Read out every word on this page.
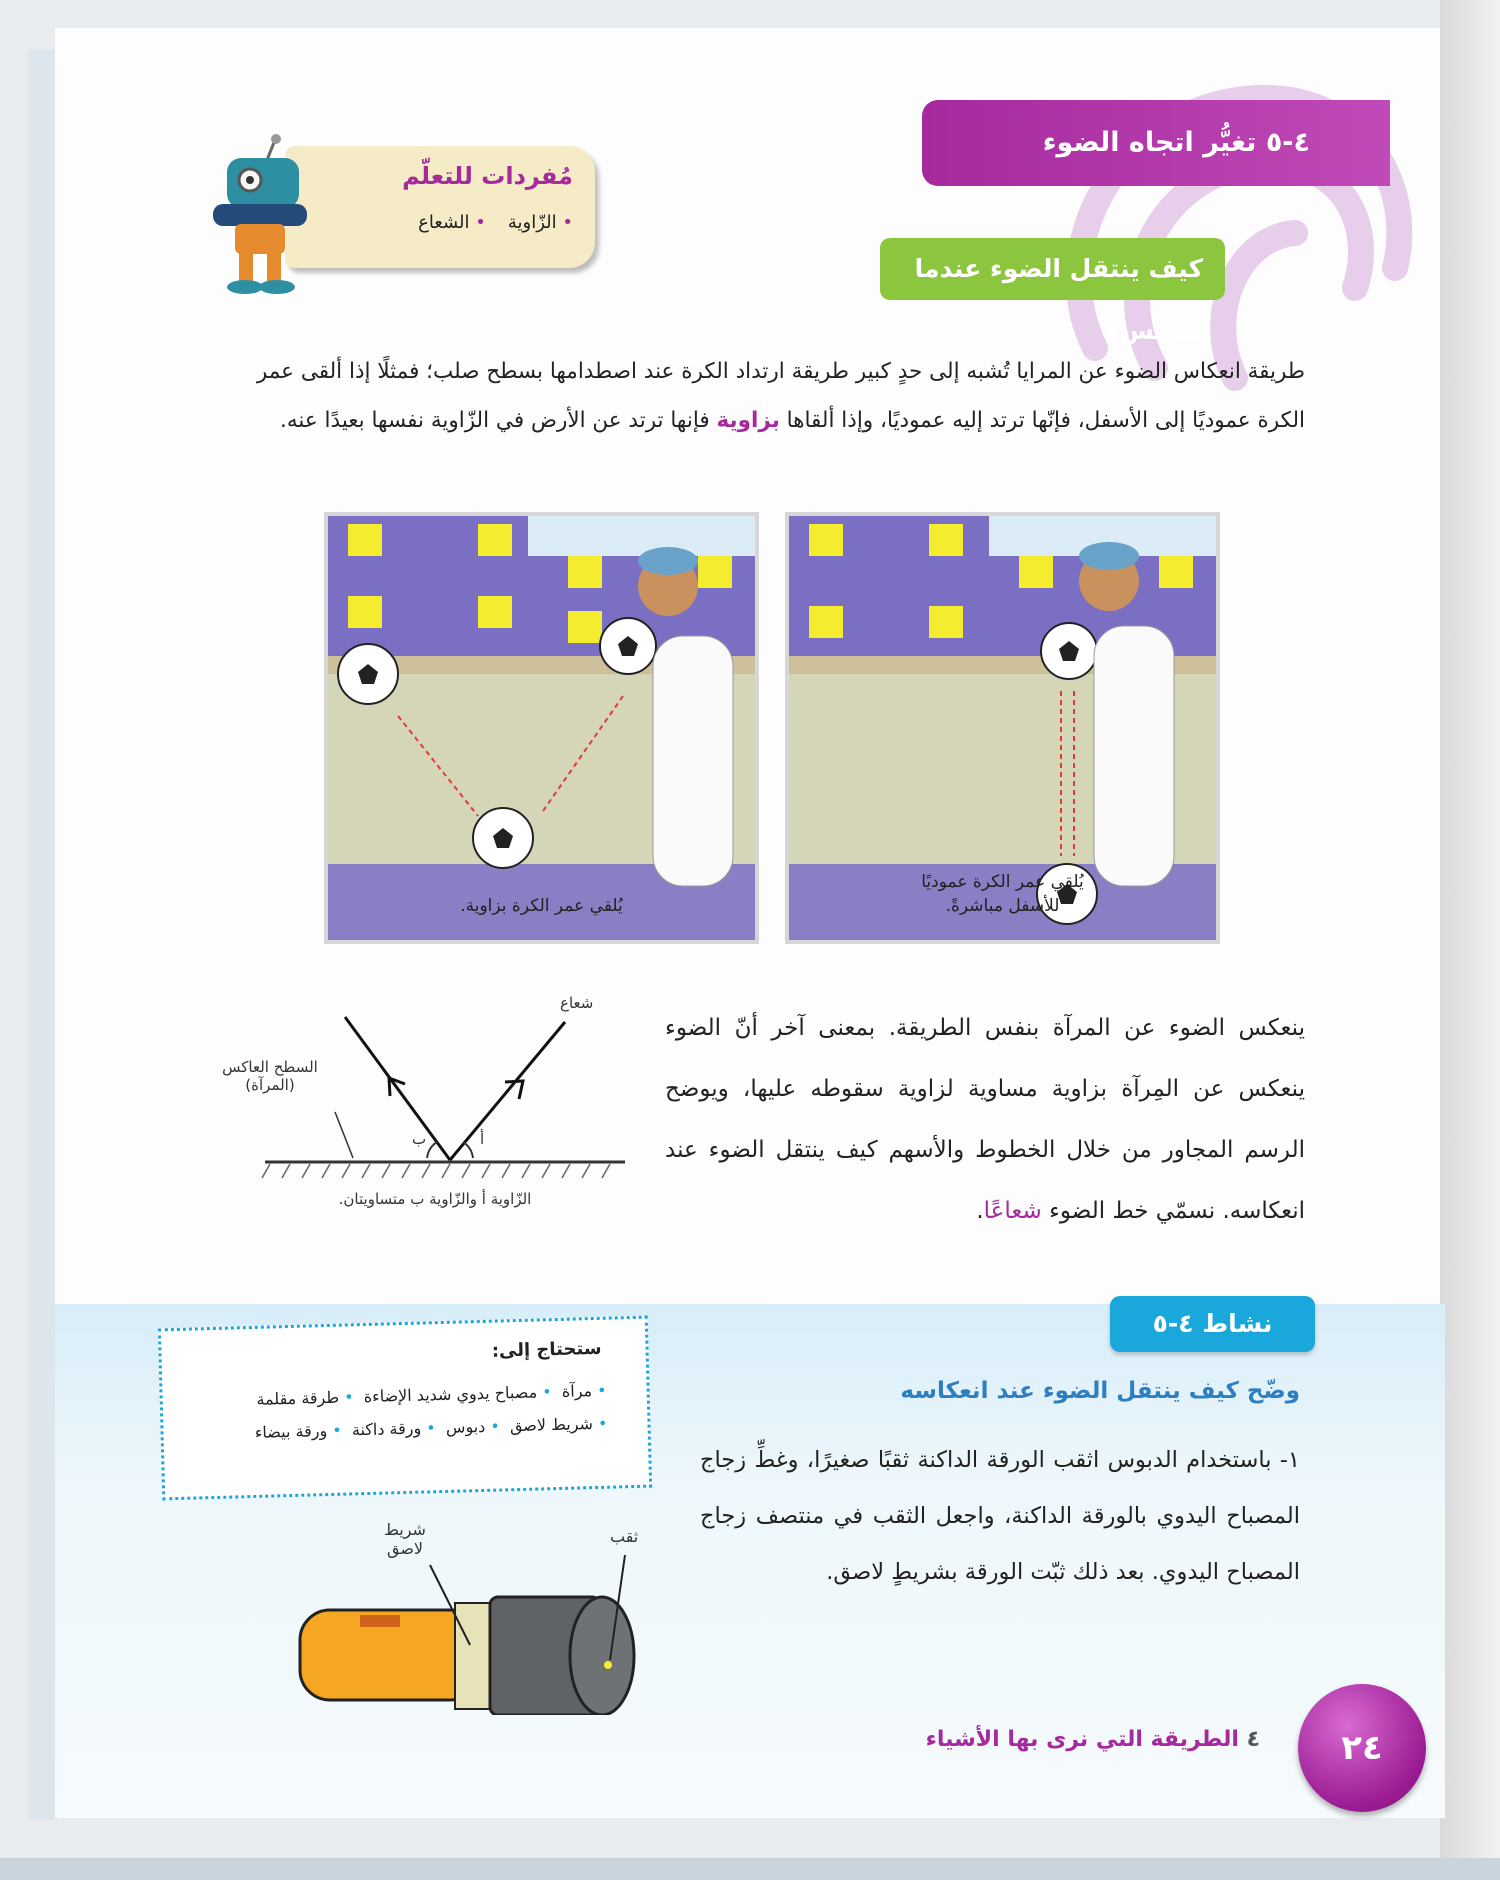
٤-٥ تغيُّر اتجاه الضوء
كيف ينتقل الضوء عندما ينعكس؟
مُفردات للتعلّم
• الزّاوية
• الشعاع
طريقة انعكاس الضوء عن المرايا تُشبه إلى حدٍ كبير طريقة ارتداد الكرة عند اصطدامها بسطح صلب؛ فمثلًا إذا ألقى عمر الكرة عموديًا إلى الأسفل، فإنّها ترتد إليه عموديًا، وإذا ألقاها بزاوية فإنها ترتد عن الأرض في الزّاوية نفسها بعيدًا عنه.
يُلقي عمر الكرة بزاوية.
يُلقي عمر الكرة عموديًا
للأسفل مباشرةً.
ينعكس الضوء عن المرآة بنفس الطريقة. بمعنى آخر أنّ الضوء ينعكس عن المِرآة بزاوية مساوية لزاوية سقوطه عليها، ويوضح الرسم المجاور من خلال الخطوط والأسهم كيف ينتقل الضوء عند انعكاسه. نسمّي خط الضوء شعاعًا.
شعاع
السطح العاكس
(المرآة)
ب	أ
الزّاوية أ والزّاوية ب متساويتان.
نشاط ٤-٥
وضّح كيف ينتقل الضوء عند انعكاسه
١- باستخدام الدبوس اثقب الورقة الداكنة ثقبًا صغيرًا، وغطِّ زجاج المصباح اليدوي بالورقة الداكنة، واجعل الثقب في منتصف زجاج المصباح اليدوي. بعد ذلك ثبّت الورقة بشريطٍ لاصق.
ستحتاج إلى:
• مرآة  • مصباح يدوي شديد الإضاءة  • طرقة مقلمة
• شريط لاصق  • دبوس  • ورقة داكنة  • ورقة بيضاء
شريط
لاصق
ثقب
٤ الطريقة التي نرى بها الأشياء	٢٤
